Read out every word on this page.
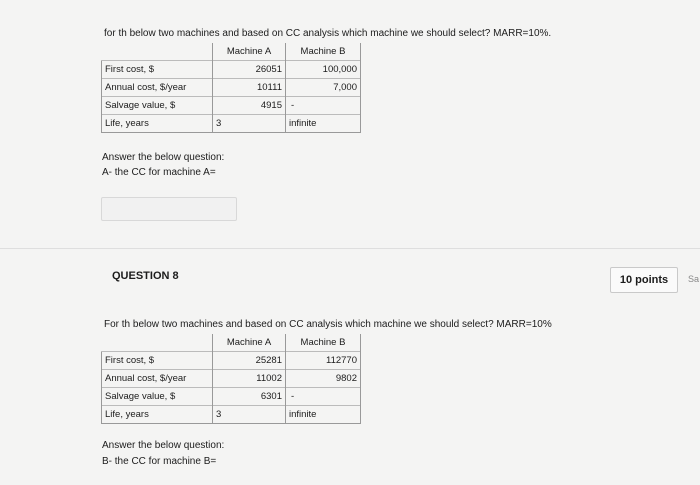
for th below two machines and based on CC analysis which machine we should select? MARR=10%.
	Machine A	Machine B
First cost, $	26051	100,000
Annual cost, $/year	10111	7,000
Salvage value, $	4915	-
Life, years	3	infinite
Answer the below question:
A- the CC for machine A=
QUESTION 8	10 points	Sa
For th below two machines and based on CC analysis which machine we should select? MARR=10%
	Machine A	Machine B
First cost, $	25281	112770
Annual cost, $/year	11002	9802
Salvage value, $	6301	-
Life, years	3	infinite
Answer the below question:
B- the CC for machine B=
